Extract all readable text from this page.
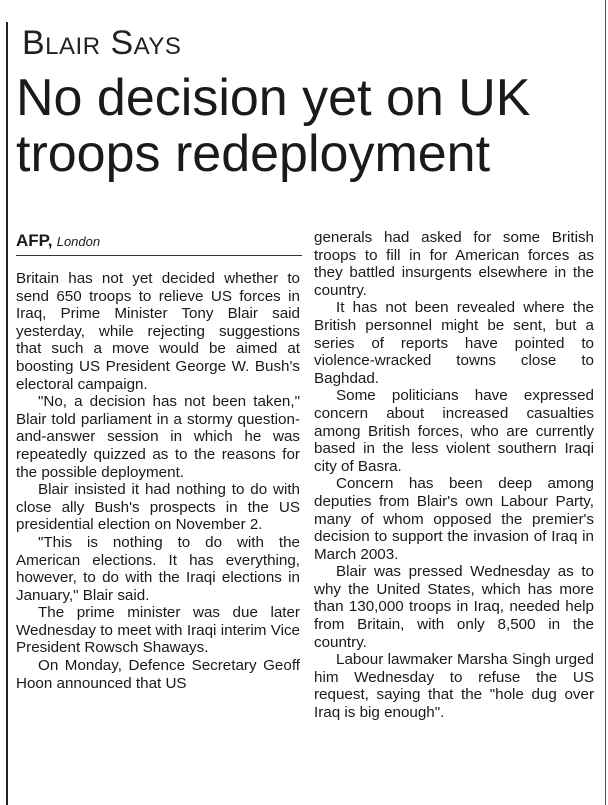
Blair Says
No decision yet on UK troops redeployment
AFP, London

Britain has not yet decided whether to send 650 troops to relieve US forces in Iraq, Prime Minister Tony Blair said yesterday, while rejecting suggestions that such a move would be aimed at boosting US President George W. Bush's electoral campaign.

"No, a decision has not been taken," Blair told parliament in a stormy question-and-answer session in which he was repeatedly quizzed as to the reasons for the possible deployment.

Blair insisted it had nothing to do with close ally Bush's prospects in the US presidential election on November 2.

"This is nothing to do with the American elections. It has everything, however, to do with the Iraqi elections in January," Blair said.

The prime minister was due later Wednesday to meet with Iraqi interim Vice President Rowsch Shaways.

On Monday, Defence Secretary Geoff Hoon announced that US

generals had asked for some British troops to fill in for American forces as they battled insurgents elsewhere in the country.

It has not been revealed where the British personnel might be sent, but a series of reports have pointed to violence-wracked towns close to Baghdad.

Some politicians have expressed concern about increased casualties among British forces, who are currently based in the less violent southern Iraqi city of Basra.

Concern has been deep among deputies from Blair's own Labour Party, many of whom opposed the premier's decision to support the invasion of Iraq in March 2003.

Blair was pressed Wednesday as to why the United States, which has more than 130,000 troops in Iraq, needed help from Britain, with only 8,500 in the country.

Labour lawmaker Marsha Singh urged him Wednesday to refuse the US request, saying that the "hole dug over Iraq is big enough".
